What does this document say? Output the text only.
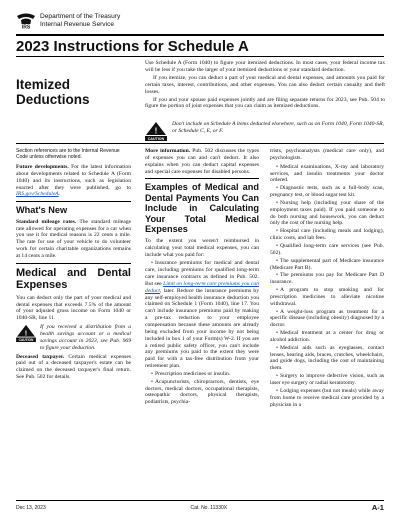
IRS
Department of the Treasury
Internal Revenue Service
2023 Instructions for Schedule A
Itemized Deductions

Use Schedule A (Form 1040) to figure your itemized deductions. In most cases, your federal income tax will be less if you take the larger of your itemized deductions or your standard deduction.

If you itemize, you can deduct a part of your medical and dental expenses, and amounts you paid for certain taxes, interest, contributions, and other expenses. You can also deduct certain casualty and theft losses.

If you and your spouse paid expenses jointly and are filing separate returns for 2023, see Pub. 504 to figure the portion of joint expenses that you can claim as itemized deductions.

!
CAUTION
Don't include on Schedule A items deducted elsewhere, such as on Form 1040, Form 1040-SR, or Schedule C, E, or F.

Section references are to the Internal Revenue Code unless otherwise noted.

Future developments. For the latest information about developments related to Schedule A (Form 1040) and its instructions, such as legislation enacted after they were published, go to IRS.gov/ScheduleA.

What's New

Standard mileage rates. The standard mileage rate allowed for operating expenses for a car when you use it for medical reasons is 22 cents a mile. The rate for use of your vehicle to do volunteer work for certain charitable organizations remains at 14 cents a mile.

Medical and Dental Expenses

You can deduct only the part of your medical and dental expenses that exceeds 7.5% of the amount of your adjusted gross income on Form 1040 or 1040-SR, line 11.

!
CAUTION
If you received a distribution from a health savings account or a medical savings account in 2023, see Pub. 969 to figure your deduction.

Deceased taxpayer. Certain medical expenses paid out of a deceased taxpayer's estate can be claimed on the deceased taxpayer's final return. See Pub. 502 for details.

More information. Pub. 502 discusses the types of expenses you can and can't deduct. It also explains when you can deduct capital expenses and special care expenses for disabled persons.

Examples of Medical and Dental Payments You Can Include in Calculating Your Total Medical Expenses

To the extent you weren't reimbursed in calculating your total medical expenses, you can include what you paid for:

• Insurance premiums for medical and dental care, including premiums for qualified long-term care insurance contracts as defined in Pub. 502. But see Limit on long-term care premiums you can deduct, later. Reduce the insurance premiums by any self-employed health insurance deduction you claimed on Schedule 1 (Form 1040), line 17. You can't include insurance premiums paid by making a pre-tax reduction to your employee compensation because these amounts are already being excluded from your income by not being included in box 1 of your Form(s) W-2. If you are a retired public safety officer, you can't include any premiums you paid to the extent they were paid for with a tax-free distribution from your retirement plan.

• Prescription medicines or insulin.

• Acupuncturists, chiropractors, dentists, eye doctors, medical doctors, occupational therapists, osteopathic doctors, physical therapists, podiatrists, psychia-

trists, psychoanalysts (medical care only), and psychologists.

• Medical examinations, X-ray and laboratory services, and insulin treatments your doctor ordered.

• Diagnostic tests, such as a full-body scan, pregnancy test, or blood sugar test kit.

• Nursing help (including your share of the employment taxes paid). If you paid someone to do both nursing and housework, you can deduct only the cost of the nursing help.

• Hospital care (including meals and lodging), clinic costs, and lab fees.

• Qualified long-term care services (see Pub. 502).

• The supplemental part of Medicare insurance (Medicare Part B).

• The premiums you pay for Medicare Part D insurance.

• A program to stop smoking and for prescription medicines to alleviate nicotine withdrawal.

• A weight-loss program as treatment for a specific disease (including obesity) diagnosed by a doctor.

• Medical treatment at a center for drug or alcohol addiction.

• Medical aids such as eyeglasses, contact lenses, hearing aids, braces, crutches, wheelchairs, and guide dogs, including the cost of maintaining them.

• Surgery to improve defective vision, such as laser eye surgery or radial keratotomy.

• Lodging expenses (but not meals) while away from home to receive medical care provided by a physician in a

Dec 13, 2023	Cat. No. 11330X	A-1
